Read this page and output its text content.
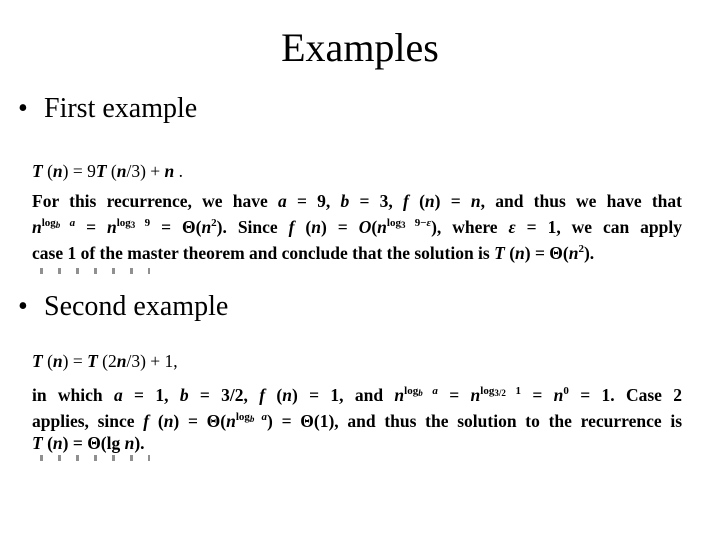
Examples
• First example
T (n) = 9T (n/3) + n .
For this recurrence, we have a = 9, b = 3, f (n) = n, and thus we have that
$n^{log_b a} = n^{log_3 9} = \Theta(n^2)$. Since f $(n) = O(n^{log_3 9-\varepsilon})$, where ε = 1, we can apply
case 1 of the master theorem and conclude that the solution is T $(n) = \Theta(n^2)$.
• Second example
T (n) = T (2n/3) + 1,
in which a = 1, b = 3/2, f (n) = 1, and $n^{log_b a} = n^{log_{3/2} 1} = n^0 = 1$. Case 2
applies, since f $(n) = \Theta(n^{log_b a}) = \Theta(1)$, and thus the solution to the recurrence is
T (n) = Θ(lg n).
